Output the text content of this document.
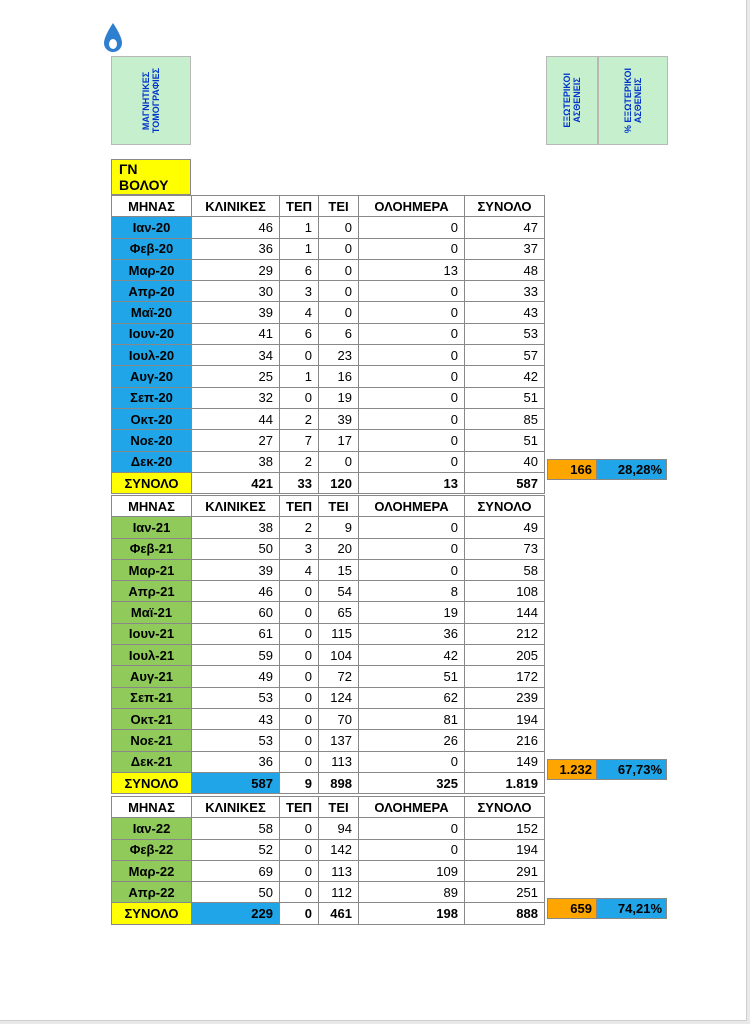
ΜΑΓΝΗΤΙΚΕΣ
ΤΟΜΟΓΡΑΦΙΕΣ	ΕΞΩΤΕΡΙΚΟΙ
ΑΣΘΕΝΕΙΣ
% ΕΞΩΤΕΡΙΚΟΙ
ΑΣΘΕΝΕΙΣ
ΓΝ
ΒΟΛΟΥ
ΜΗΝΑΣ	ΚΛΙΝΙΚΕΣ	ΤΕΠ	ΤΕΙ	ΟΛΟΗΜΕΡΑ	ΣΥΝΟΛΟ
Ιαν-20	46	1	0	0	47
Φεβ-20	36	1	0	0	37
Μαρ-20	29	6	0	13	48
Απρ-20	30	3	0	0	33
Μαϊ-20	39	4	0	0	43
Ιουν-20	41	6	6	0	53
Ιουλ-20	34	0	23	0	57
Αυγ-20	25	1	16	0	42
Σεπ-20	32	0	19	0	51
Οκτ-20	44	2	39	0	85
Νοε-20	27	7	17	0	51
Δεκ-20	38	2	0	0	40
ΣΥΝΟΛΟ	421	33	120	13	587
166	28,28%
ΜΗΝΑΣ	ΚΛΙΝΙΚΕΣ	ΤΕΠ	ΤΕΙ	ΟΛΟΗΜΕΡΑ	ΣΥΝΟΛΟ
Ιαν-21	38	2	9	0	49
Φεβ-21	50	3	20	0	73
Μαρ-21	39	4	15	0	58
Απρ-21	46	0	54	8	108
Μαϊ-21	60	0	65	19	144
Ιουν-21	61	0	115	36	212
Ιουλ-21	59	0	104	42	205
Αυγ-21	49	0	72	51	172
Σεπ-21	53	0	124	62	239
Οκτ-21	43	0	70	81	194
Νοε-21	53	0	137	26	216
Δεκ-21	36	0	113	0	149
ΣΥΝΟΛΟ	587	9	898	325	1.819
1.232	67,73%
ΜΗΝΑΣ	ΚΛΙΝΙΚΕΣ	ΤΕΠ	ΤΕΙ	ΟΛΟΗΜΕΡΑ	ΣΥΝΟΛΟ
Ιαν-22	58	0	94	0	152
Φεβ-22	52	0	142	0	194
Μαρ-22	69	0	113	109	291
Απρ-22	50	0	112	89	251
ΣΥΝΟΛΟ	229	0	461	198	888	659	74,21%
